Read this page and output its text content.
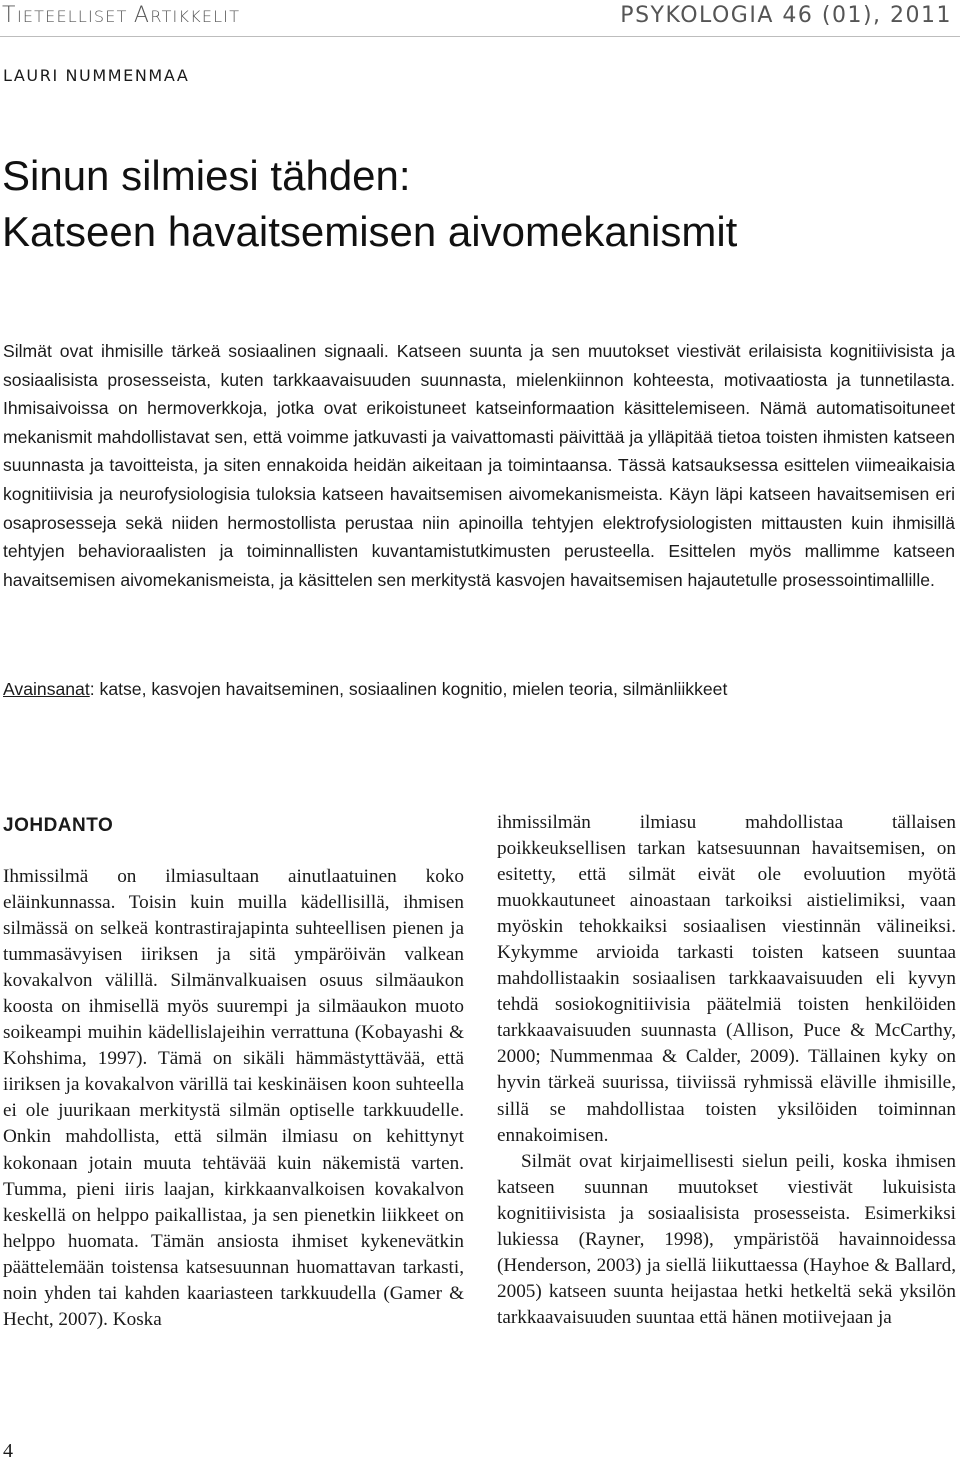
TIETEELLISET ARTIKKELIT	PSYKOLOGIA 46 (01), 2011
LAURI NUMMENMAA
Sinun silmiesi tähden:
Katseen havaitsemisen aivomekanismit

Silmät ovat ihmisille tärkeä sosiaalinen signaali. Katseen suunta ja sen muutokset viestivät erilaisista kognitiivisista ja sosiaalisista prosesseista, kuten tarkkaavaisuuden suunnasta, mielenkiinnon kohteesta, motivaatiosta ja tunnetilasta. Ihmisaivoissa on hermoverkkoja, jotka ovat erikoistuneet katseinformaation käsittelemiseen. Nämä automatisoituneet mekanismit mahdollistavat sen, että voimme jatkuvasti ja vaivattomasti päivittää ja ylläpitää tietoa toisten ihmisten katseen suunnasta ja tavoitteista, ja siten ennakoida heidän aikeitaan ja toimintaansa. Tässä katsauksessa esittelen viimeaikaisia kognitiivisia ja neurofysiologisia tuloksia katseen havaitsemisen aivomekanismeista. Käyn läpi katseen havaitsemisen eri osaprosesseja sekä niiden hermostollista perustaa niin apinoilla tehtyjen elektrofysiologisten mittausten kuin ihmisillä tehtyjen behavioraalisten ja toiminnallisten kuvantamistutkimusten perusteella. Esittelen myös mallimme katseen havaitsemisen aivomekanismeista, ja käsittelen sen merkitystä kasvojen havaitsemisen hajautetulle prosessointimallille.

Avainsanat: katse, kasvojen havaitseminen, sosiaalinen kognitio, mielen teoria, silmänliikkeet
JOHDANTO

Ihmissilmä on ilmiasultaan ainutlaatuinen koko eläinkunnassa. Toisin kuin muilla kädellisillä, ihmisen silmässä on selkeä kontrastirajapinta suhteellisen pienen ja tummasävyisen iiriksen ja sitä ympäröivän valkean kovakalvon välillä. Silmänvalkuaisen osuus silmäaukon koosta on ihmisellä myös suurempi ja silmäaukon muoto soikeampi muihin kädellislajeihin verrattuna (Kobayashi & Kohshima, 1997). Tämä on sikäli hämmästyttävää, että iiriksen ja kovakalvon värillä tai keskinäisen koon suhteella ei ole juurikaan merkitystä silmän optiselle tarkkuudelle. Onkin mahdollista, että silmän ilmiasu on kehittynyt kokonaan jotain muuta tehtävää kuin näkemistä varten. Tumma, pieni iiris laajan, kirkkaanvalkoisen kovakalvon keskellä on helppo paikallistaa, ja sen pienetkin liikkeet on helppo huomata. Tämän ansiosta ihmiset kykenevätkin päättelemään toistensa katsesuunnan huomattavan tarkasti, noin yhden tai kahden kaariasteen tarkkuudella (Gamer & Hecht, 2007). Koska

ihmissilmän ilmiasu mahdollistaa tällaisen poikkeuksellisen tarkan katsesuunnan havaitsemisen, on esitetty, että silmät eivät ole evoluution myötä muokkautuneet ainoastaan tarkoiksi aistielimiksi, vaan myöskin tehokkaiksi sosiaalisen viestinnän välineiksi. Kykymme arvioida tarkasti toisten katseen suuntaa mahdollistaakin sosiaalisen tarkkaavaisuuden eli kyvyn tehdä sosiokognitiivisia päätelmiä toisten henkilöiden tarkkaavaisuuden suunnasta (Allison, Puce & McCarthy, 2000; Nummenmaa & Calder, 2009). Tällainen kyky on hyvin tärkeä suurissa, tiiviissä ryhmissä eläville ihmisille, sillä se mahdollistaa toisten yksilöiden toiminnan ennakoimisen.

Silmät ovat kirjaimellisesti sielun peili, koska ihmisen katseen suunnan muutokset viestivät lukuisista kognitiivisista ja sosiaalisista prosesseista. Esimerkiksi lukiessa (Rayner, 1998), ympäristöä havainnoidessa (Henderson, 2003) ja siellä liikuttaessa (Hayhoe & Ballard, 2005) katseen suunta heijastaa hetki hetkeltä sekä yksilön tarkkaavaisuuden suuntaa että hänen motiivejaan ja

4
